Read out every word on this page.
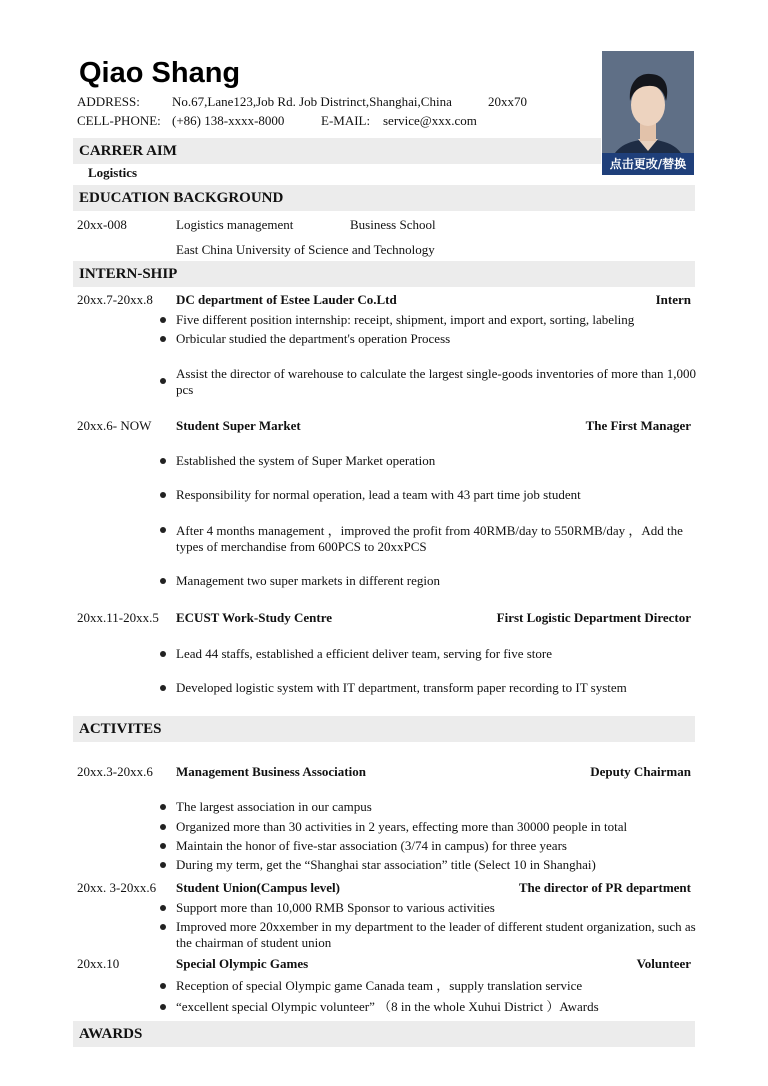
Qiao Shang
ADDRESS: No.67,Lane123,Job Rd. Job Distrinct,Shanghai,China	20xx70
CELL-PHONE: (+86) 138-xxxx-8000	E-MAIL: service@xxx.com
点击更改/替换
CARRER AIM
Logistics
EDUCATION BACKGROUND
20xx-008	Logistics management	Business School
East China University of Science and Technology
INTERN-SHIP
20xx.7-20xx.8 DC department of Estee Lauder Co.Ltd	Intern
Five different position internship: receipt, shipment, import and export, sorting, labeling
Orbicular studied the department's operation Process
Assist the director of warehouse to calculate the largest single-goods inventories of more than 1,000 pcs
20xx.6- NOW Student Super Market	The First Manager
Established the system of Super Market operation
Responsibility for normal operation, lead a team with 43 part time job student
After 4 months management ，improved the profit from 40RMB/day to 550RMB/day ，Add the types of merchandise from 600PCS to 20xxPCS
Management two super markets in different region
20xx.11-20xx.5 ECUST Work-Study Centre	First Logistic Department Director
Lead 44 staffs, established a efficient deliver team, serving for five store
Developed logistic system with IT department, transform paper recording to IT system
ACTIVITES
20xx.3-20xx.6 Management Business Association	Deputy Chairman
The largest association in our campus
Organized more than 30 activities in 2 years, effecting more than 30000 people in total
Maintain the honor of five-star association (3/74 in campus) for three years
During my term, get the “Shanghai star association” title (Select 10 in Shanghai)
20xx. 3-20xx.6 Student Union(Campus level)	The director of PR department
Support more than 10,000 RMB Sponsor to various activities
Improved more 20xxember in my department to the leader of different student organization, such as the chairman of student union
20xx.10	Special Olympic Games	Volunteer
Reception of special Olympic game Canada team ，supply translation service
“excellent special Olympic volunteer” （8 in the whole Xuhui District ）Awards
AWARDS
